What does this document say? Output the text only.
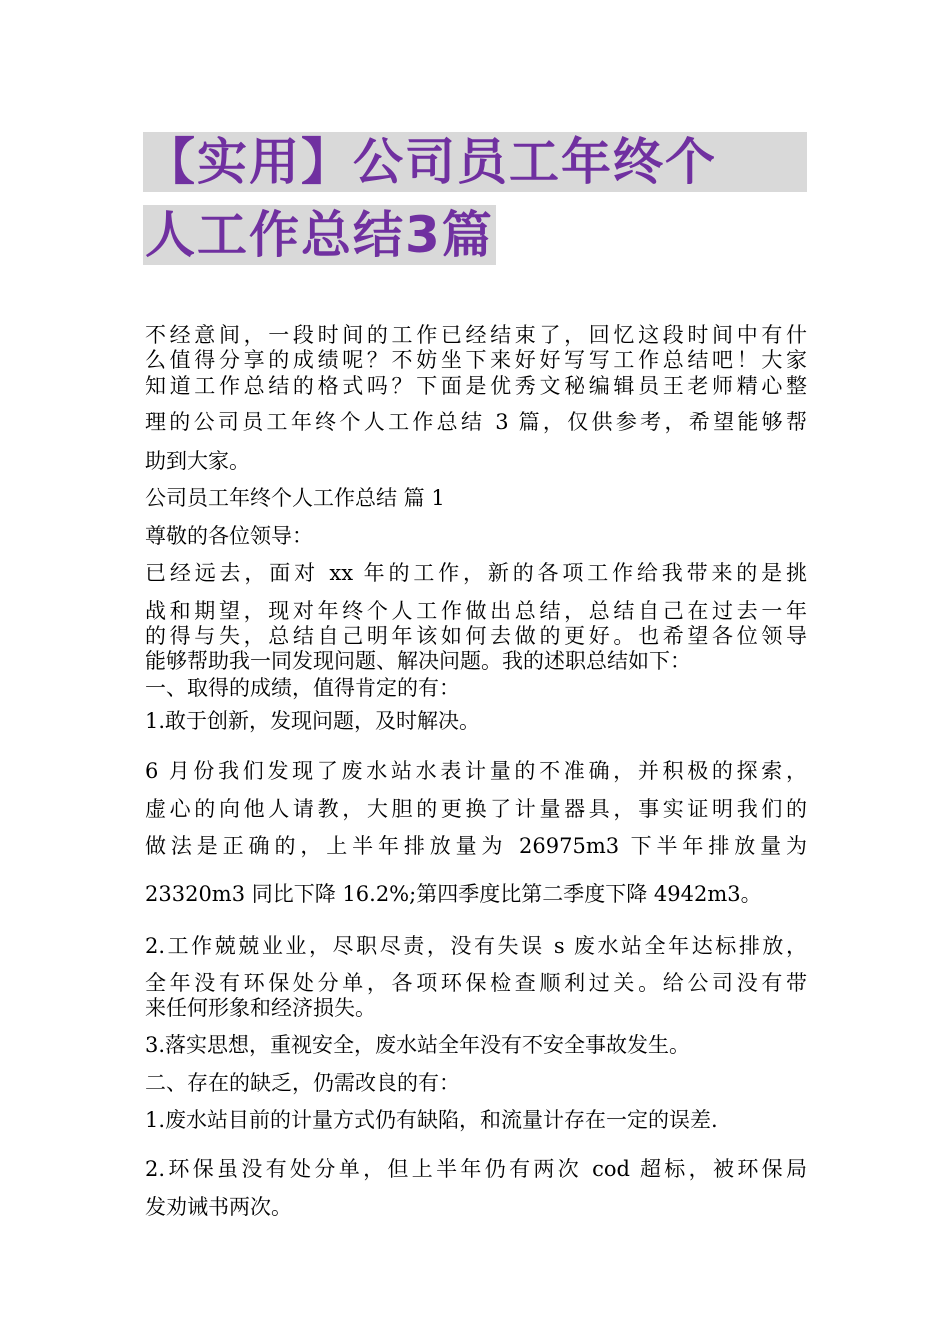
【实用】公司员工年终个
人工作总结3篇
不经意间，一段时间的工作已经结束了，回忆这段时间中有什
么值得分享的成绩呢？不妨坐下来好好写写工作总结吧！大家
知道工作总结的格式吗？下面是优秀文秘编辑员王老师精心整
理的公司员工年终个人工作总结 3 篇，仅供参考，希望能够帮
助到大家。
公司员工年终个人工作总结 篇 1
尊敬的各位领导：
已经远去，面对 xx 年的工作，新的各项工作给我带来的是挑
战和期望，现对年终个人工作做出总结，总结自己在过去一年
的得与失，总结自己明年该如何去做的更好。也希望各位领导
能够帮助我一同发现问题、解决问题。我的述职总结如下：
一、取得的成绩，值得肯定的有：
1.敢于创新，发现问题，及时解决。
6 月份我们发现了废水站水表计量的不准确，并积极的探索，
虚心的向他人请教，大胆的更换了计量器具，事实证明我们的
做法是正确的，上半年排放量为 26975m3 下半年排放量为
23320m3 同比下降 16.2%;第四季度比第二季度下降 4942m3。
2.工作兢兢业业，尽职尽责，没有失误 s 废水站全年达标排放，
全年没有环保处分单，各项环保检查顺利过关。给公司没有带
来任何形象和经济损失。
3.落实思想，重视安全，废水站全年没有不安全事故发生。
二、存在的缺乏，仍需改良的有：
1.废水站目前的计量方式仍有缺陷，和流量计存在一定的误差.
2.环保虽没有处分单，但上半年仍有两次 cod 超标，被环保局
发劝诫书两次。
